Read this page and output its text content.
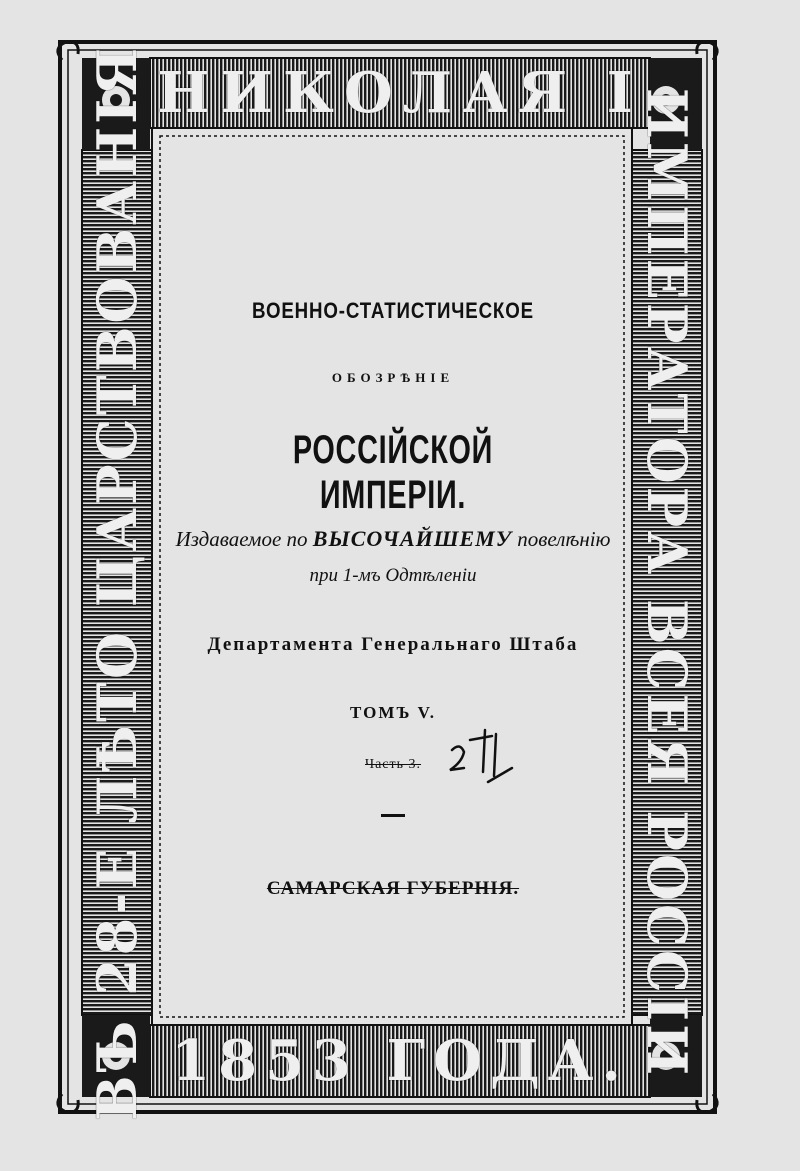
НИКОЛАЯ I
1853 ГОДА.
ВЪ 28-Е ЛѢТО ЦАРСТВОВАНІЯ	ИМПЕРАТОРА ВСЕЯ РОССІИ
ВОЕННО-СТАТИСТИЧЕСКОЕ
ОБОЗРѢНІЕ
РОССІЙСКОЙ ИМПЕРІИ.
Издаваемое по ВЫСОЧАЙШЕМУ повелѣнію
при 1-мъ Одтѣленіи
Департамента Генеральнаго Штаба
ТОМЪ V.
Часть 3.
САМАРСКАЯ ГУБЕРНІЯ.
